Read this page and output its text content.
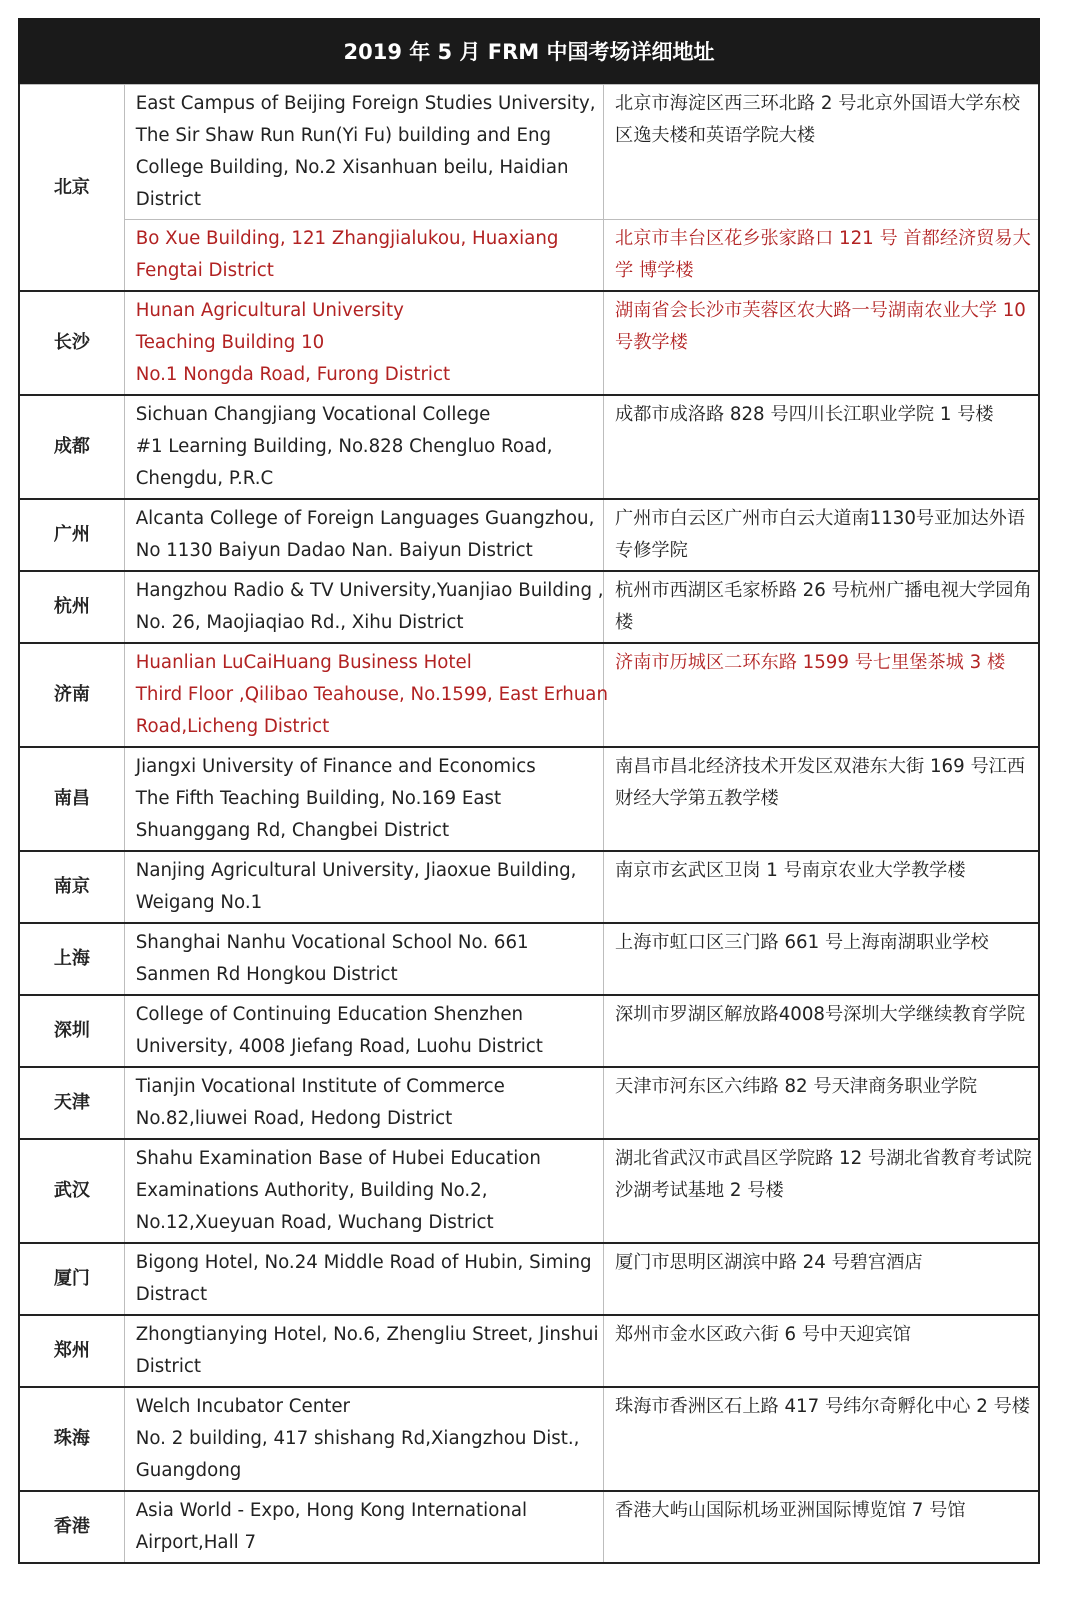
2019 年 5 月 FRM 中国考场详细地址
北京	East Campus of Beijing Foreign Studies University,
The Sir Shaw Run Run(Yi Fu) building and Eng
College Building, No.2 Xisanhuan beilu, Haidian
District	北京市海淀区西三环北路 2 号北京外国语大学东校
区逸夫楼和英语学院大楼

	Bo Xue Building, 121 Zhangjialukou, Huaxiang
Fengtai District	北京市丰台区花乡张家路口 121 号 首都经济贸易大
学 博学楼

长沙	Hunan Agricultural University
Teaching Building 10
No.1 Nongda Road, Furong District	湖南省会长沙市芙蓉区农大路一号湖南农业大学 10
号教学楼

成都	Sichuan Changjiang Vocational College
#1 Learning Building, No.828 Chengluo Road,
Chengdu, P.R.C	成都市成洛路 828 号四川长江职业学院 1 号楼

广州	Alcanta College of Foreign Languages Guangzhou,
No 1130 Baiyun Dadao Nan. Baiyun District	广州市白云区广州市白云大道南1130号亚加达外语
专修学院

杭州	Hangzhou Radio & TV University,Yuanjiao Building ,
No. 26, Maojiaqiao Rd., Xihu District	杭州市西湖区毛家桥路 26 号杭州广播电视大学园角
楼

济南	Huanlian LuCaiHuang Business Hotel
Third Floor ,Qilibao Teahouse, No.1599, East Erhuan
Road,Licheng District	济南市历城区二环东路 1599 号七里堡茶城 3 楼

南昌	Jiangxi University of Finance and Economics
The Fifth Teaching Building, No.169 East
Shuanggang Rd, Changbei District	南昌市昌北经济技术开发区双港东大街 169 号江西
财经大学第五教学楼

南京	Nanjing Agricultural University, Jiaoxue Building,
Weigang No.1	南京市玄武区卫岗 1 号南京农业大学教学楼

上海	Shanghai Nanhu Vocational School No. 661
Sanmen Rd Hongkou District	上海市虹口区三门路 661 号上海南湖职业学校

深圳	College of Continuing Education Shenzhen
University, 4008 Jiefang Road, Luohu District	深圳市罗湖区解放路4008号深圳大学继续教育学院

天津	Tianjin Vocational Institute of Commerce
No.82,liuwei Road, Hedong District	天津市河东区六纬路 82 号天津商务职业学院

武汉	Shahu Examination Base of Hubei Education
Examinations Authority, Building No.2,
No.12,Xueyuan Road, Wuchang District	湖北省武汉市武昌区学院路 12 号湖北省教育考试院
沙湖考试基地 2 号楼

厦门	Bigong Hotel, No.24 Middle Road of Hubin, Siming
Distract	厦门市思明区湖滨中路 24 号碧宫酒店

郑州	Zhongtianying Hotel, No.6, Zhengliu Street, Jinshui
District	郑州市金水区政六街 6 号中天迎宾馆

珠海	Welch Incubator Center
No. 2 building, 417 shishang Rd,Xiangzhou Dist.,
Guangdong	珠海市香洲区石上路 417 号纬尔奇孵化中心 2 号楼

香港	Asia World - Expo, Hong Kong International
Airport,Hall 7	香港大屿山国际机场亚洲国际博览馆 7 号馆
